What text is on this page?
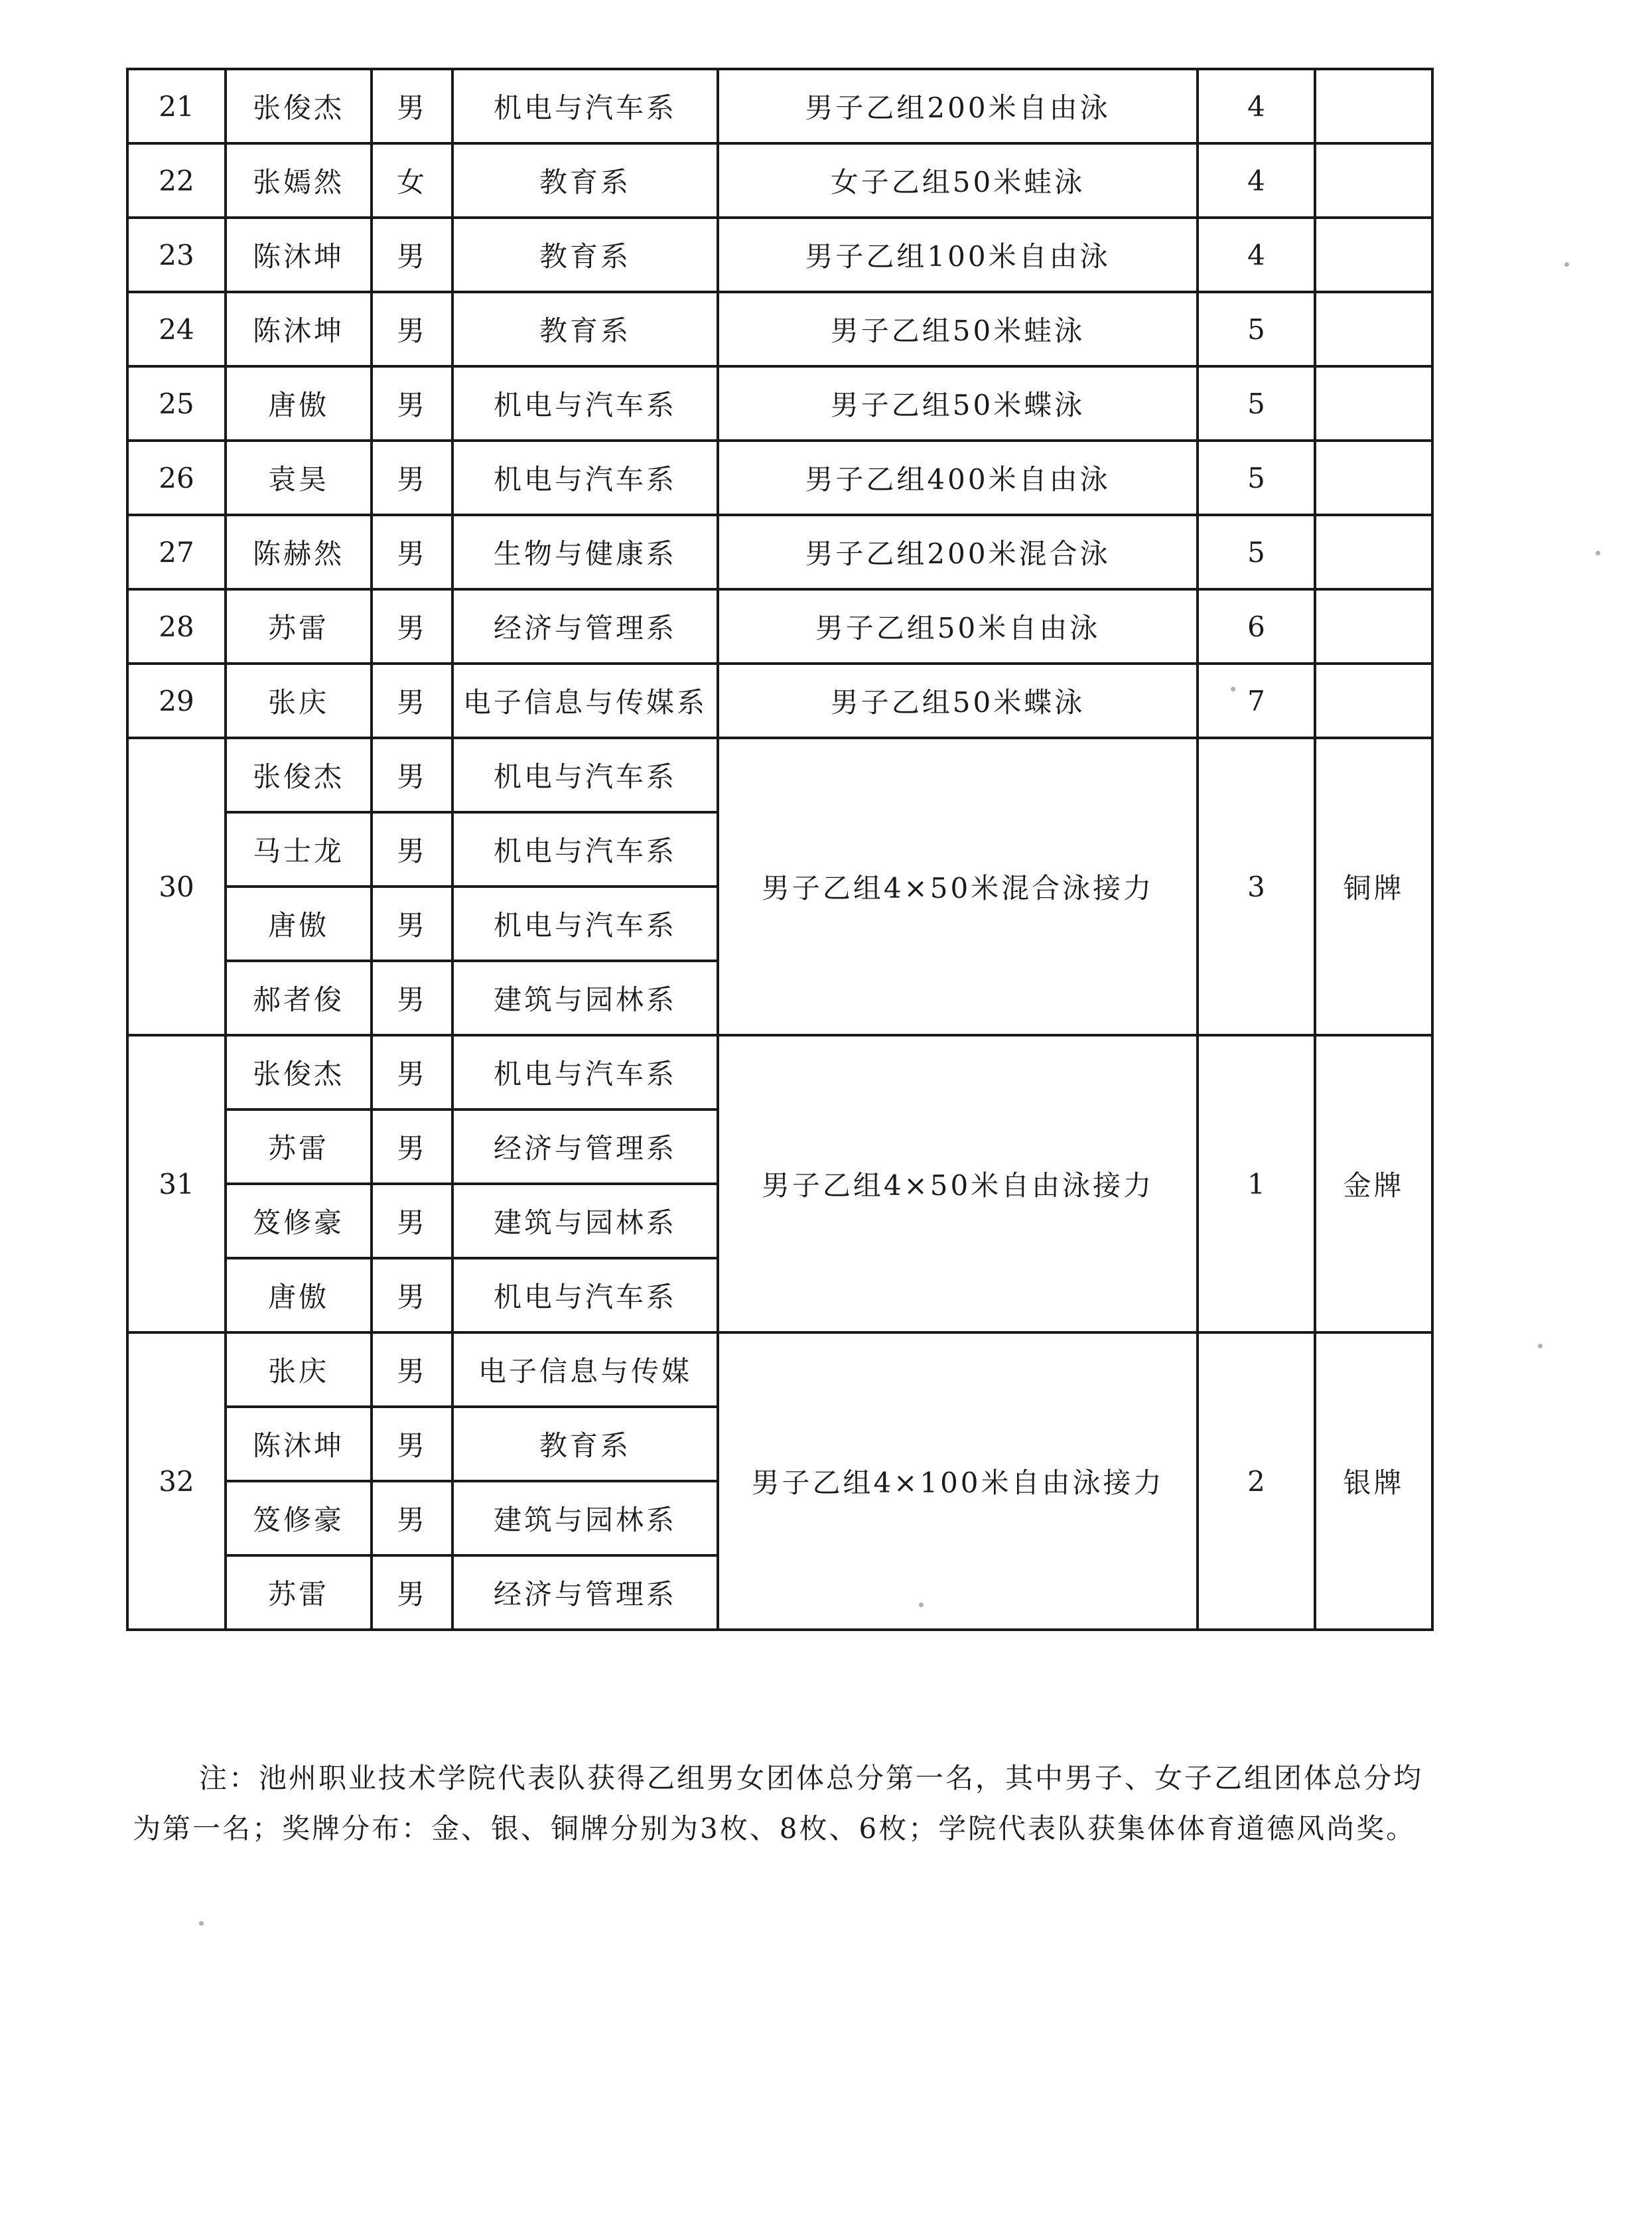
21	张俊杰	男	机电与汽车系	男子乙组200米自由泳	4	
22	张嫣然	女	教育系	女子乙组50米蛙泳	4	
23	陈沐坤	男	教育系	男子乙组100米自由泳	4	
24	陈沐坤	男	教育系	男子乙组50米蛙泳	5	
25	唐傲	男	机电与汽车系	男子乙组50米蝶泳	5	
26	袁昊	男	机电与汽车系	男子乙组400米自由泳	5	
27	陈赫然	男	生物与健康系	男子乙组200米混合泳	5	
28	苏雷	男	经济与管理系	男子乙组50米自由泳	6	
29	张庆	男	电子信息与传媒系	男子乙组50米蝶泳	7	
30	张俊杰	男	机电与汽车系	男子乙组4×50米混合泳接力	3	铜牌
	马士龙	男	机电与汽车系			
	唐傲	男	机电与汽车系			
	郝者俊	男	建筑与园林系			
31	张俊杰	男	机电与汽车系	男子乙组4×50米自由泳接力	1	金牌
	苏雷	男	经济与管理系			
	笈修豪	男	建筑与园林系			
	唐傲	男	机电与汽车系			
32	张庆	男	电子信息与传媒	男子乙组4×100米自由泳接力	2	银牌
	陈沐坤	男	教育系			
	笈修豪	男	建筑与园林系			
	苏雷	男	经济与管理系			

注：池州职业技术学院代表队获得乙组男女团体总分第一名，其中男子、女子乙组团体总分均为第一名；奖牌分布：金、银、铜牌分别为3枚、8枚、6枚；学院代表队获集体体育道德风尚奖。
